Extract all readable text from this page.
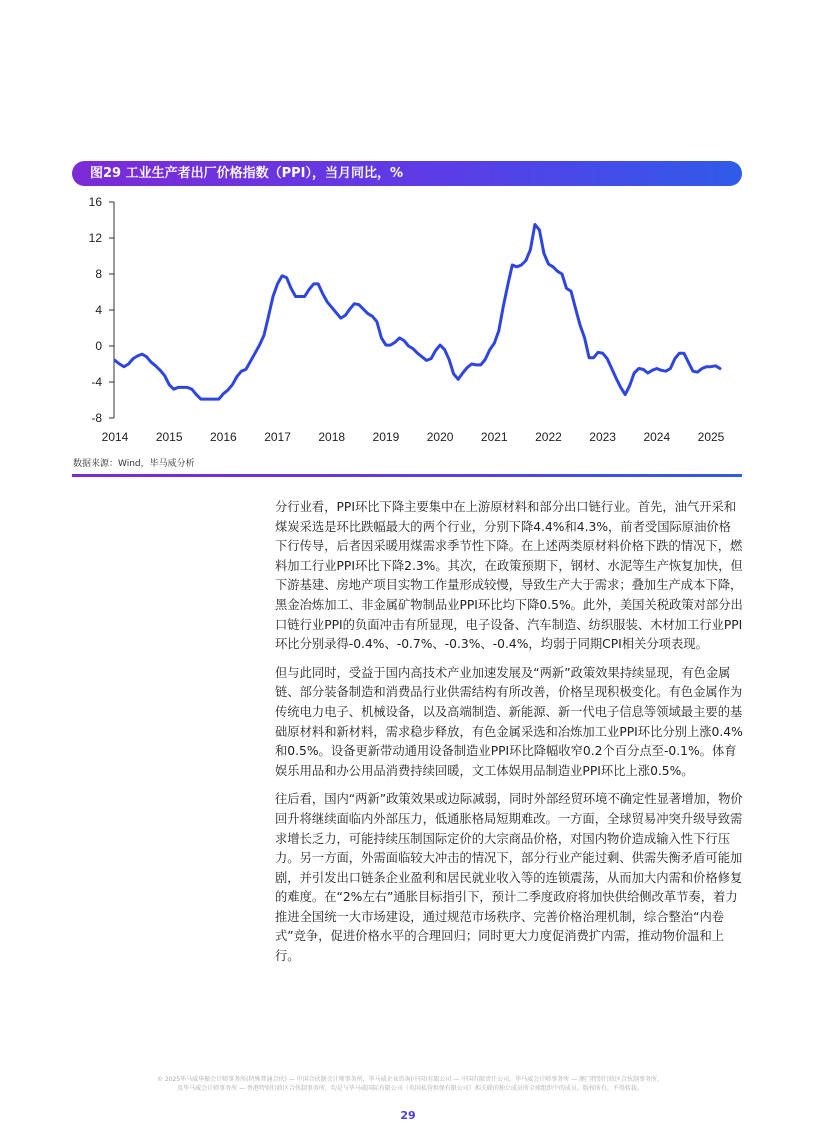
图29 工业生产者出厂价格指数（PPI），当月同比，%
16
12
8
4
0
-4
-8
2014 2015 2016 2017 2018 2019 2020 2021 2022 2023 2024 2025
数据来源：Wind，毕马威分析

分行业看，PPI环比下降主要集中在上游原材料和部分出口链行业。首先，油气开采和煤炭采选是环比跌幅最大的两个行业，分别下降4.4%和4.3%，前者受国际原油价格下行传导，后者因采暖用煤需求季节性下降。在上述两类原材料价格下跌的情况下，燃料加工行业PPI环比下降2.3%。其次，在政策预期下，钢材、水泥等生产恢复加快，但下游基建、房地产项目实物工作量形成较慢，导致生产大于需求；叠加生产成本下降，黑金冶炼加工、非金属矿物制品业PPI环比均下降0.5%。此外，美国关税政策对部分出口链行业PPI的负面冲击有所显现，电子设备、汽车制造、纺织服装、木材加工行业PPI环比分别录得-0.4%、-0.7%、-0.3%、-0.4%，均弱于同期CPI相关分项表现。

但与此同时，受益于国内高技术产业加速发展及“两新”政策效果持续显现，有色金属链、部分装备制造和消费品行业供需结构有所改善，价格呈现积极变化。有色金属作为传统电力电子、机械设备，以及高端制造、新能源、新一代电子信息等领域最主要的基础原材料和新材料，需求稳步释放，有色金属采选和冶炼加工业PPI环比分别上涨0.4%和0.5%。设备更新带动通用设备制造业PPI环比降幅收窄0.2个百分点至-0.1%。体育娱乐用品和办公用品消费持续回暖，文工体娱用品制造业PPI环比上涨0.5%。

往后看，国内“两新”政策效果或边际减弱，同时外部经贸环境不确定性显著增加，物价回升将继续面临内外部压力，低通胀格局短期难改。一方面，全球贸易冲突升级导致需求增长乏力，可能持续压制国际定价的大宗商品价格，对国内物价造成输入性下行压力。另一方面，外需面临较大冲击的情况下，部分行业产能过剩、供需失衡矛盾可能加剧，并引发出口链条企业盈利和居民就业收入等的连锁震荡，从而加大内需和价格修复的难度。在“2%左右”通胀目标指引下，预计二季度政府将加快供给侧改革节奏，着力推进全国统一大市场建设，通过规范市场秩序、完善价格治理机制，综合整治“内卷式”竞争，促进价格水平的合理回归；同时更大力度促消费扩内需，推动物价温和上行。

© 2025毕马威华振会计师事务所(特殊普通合伙) — 中国合伙制会计师事务所，毕马威企业咨询(中国)有限公司 — 中国有限责任公司，毕马威会计师事务所 — 澳门特别行政区合伙制事务所，
及毕马威会计师事务所 — 香港特别行政区合伙制事务所，均是与毕马威国际有限公司（英国私营担保有限公司）相关联的独立成员所全球组织中的成员。版权所有，不得转载。
29
